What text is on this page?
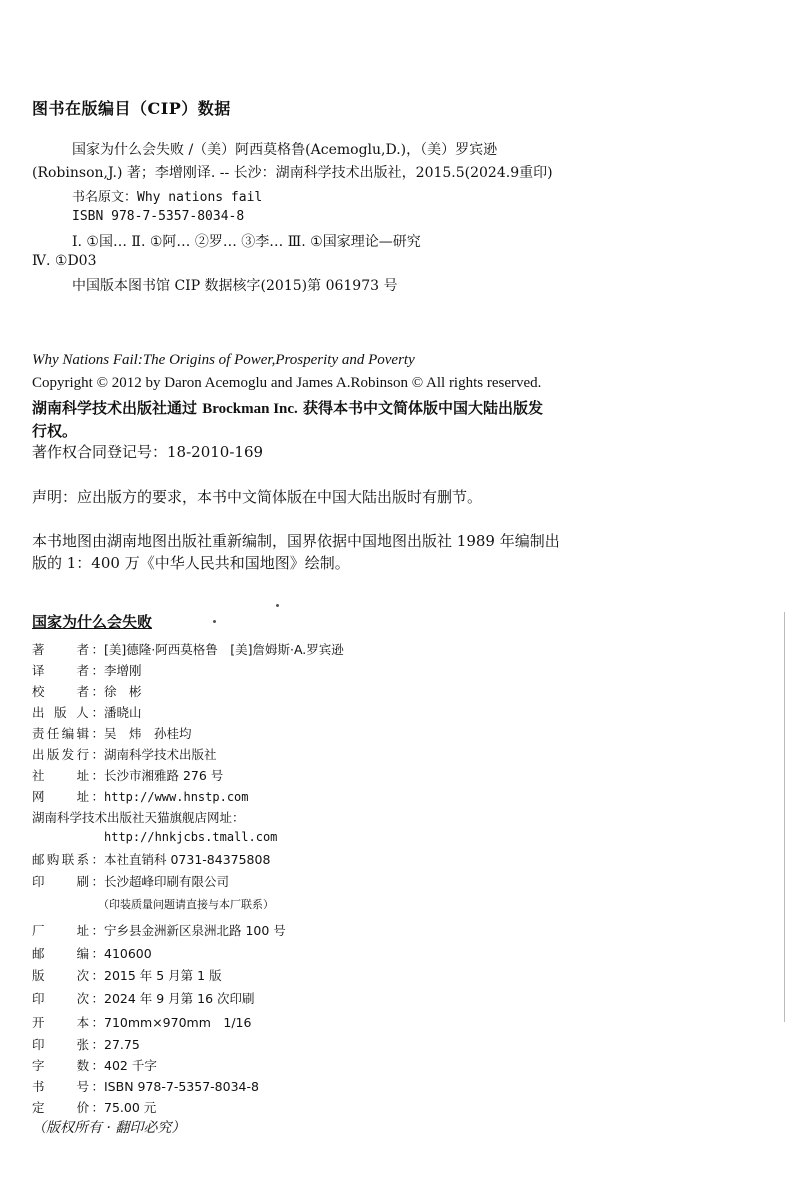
图书在版编目（CIP）数据
国家为什么会失败 /（美）阿西莫格鲁(Acemoglu,D.)，（美）罗宾逊
(Robinson,J.) 著；李增刚译. -- 长沙：湖南科学技术出版社，2015.5(2024.9重印)
书名原文：Why nations fail
ISBN 978-7-5357-8034-8
Ⅰ. ①国… Ⅱ. ①阿… ②罗… ③李… Ⅲ. ①国家理论—研究
Ⅳ. ①D03
中国版本图书馆 CIP 数据核字(2015)第 061973 号
Why Nations Fail:The Origins of Power,Prosperity and Poverty
Copyright © 2012 by Daron Acemoglu and James A.Robinson © All rights reserved.
湖南科学技术出版社通过 Brockman Inc. 获得本书中文简体版中国大陆出版发
行权。
著作权合同登记号：18-2010-169
声明：应出版方的要求，本书中文简体版在中国大陆出版时有删节。
本书地图由湖南地图出版社重新编制，国界依据中国地图出版社 1989 年编制出
版的 1：400 万《中华人民共和国地图》绘制。
国家为什么会失败
著　　者：[美]德隆·阿西莫格鲁　[美]詹姆斯·A.罗宾逊
译　　者：李增刚
校　　者：徐　彬
出 版 人：潘晓山
责任编辑：吴　炜　孙桂均
出版发行：湖南科学技术出版社
社　　址：长沙市湘雅路 276 号
网　　址：http://www.hnstp.com
湖南科学技术出版社天猫旗舰店网址：
http://hnkjcbs.tmall.com
邮购联系：本社直销科 0731-84375808
印　　刷：长沙超峰印刷有限公司
（印装质量问题请直接与本厂联系）
厂　　址：宁乡县金洲新区泉洲北路 100 号
邮　　编：410600
版　　次：2015 年 5 月第 1 版
印　　次：2024 年 9 月第 16 次印刷
开　　本：710mm×970mm　1/16
印　　张：27.75
字　　数：402 千字
书　　号：ISBN 978-7-5357-8034-8
定　　价：75.00 元
（版权所有 · 翻印必究）
